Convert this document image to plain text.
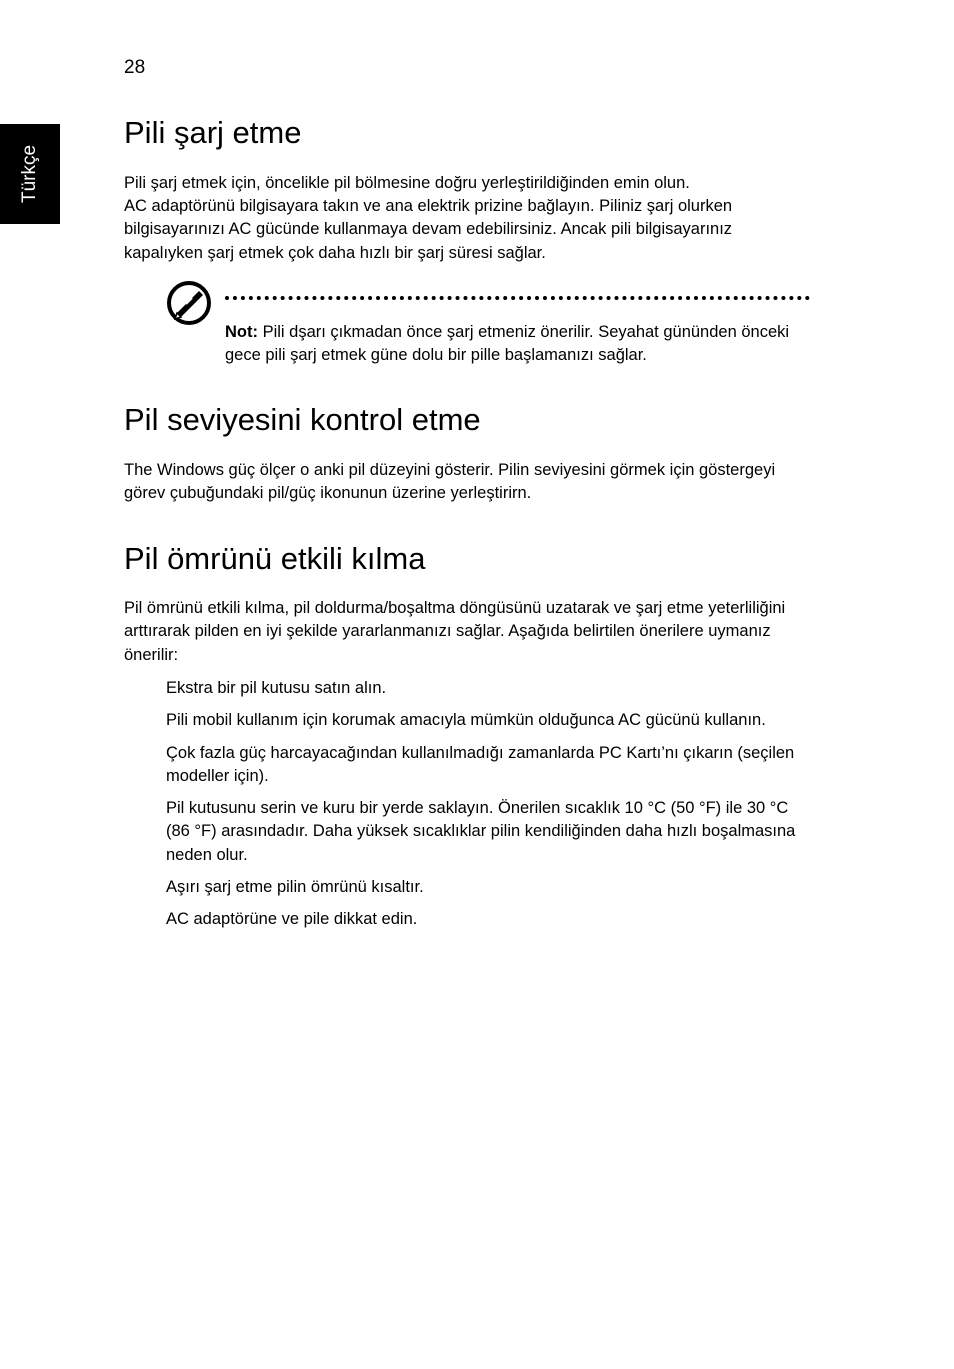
28
Türkçe
Pili şarj etme

Pili şarj etmek için, öncelikle pil bölmesine doğru yerleştirildiğinden emin olun.

AC adaptörünü bilgisayara takın ve ana elektrik prizine bağlayın. Piliniz şarj olurken bilgisayarınızı AC gücünde kullanmaya devam edebilirsiniz. Ancak pili bilgisayarınız kapalıyken şarj etmek çok daha hızlı bir şarj süresi sağlar.

Not: Pili dşarı çıkmadan önce şarj etmeniz önerilir. Seyahat gününden önceki gece pili şarj etmek güne dolu bir pille başlamanızı sağlar.

Pil seviyesini kontrol etme

The Windows güç ölçer o anki pil düzeyini gösterir. Pilin seviyesini görmek için göstergeyi görev çubuğundaki pil/güç ikonunun üzerine yerleştirirn.

Pil ömrünü etkili kılma

Pil ömrünü etkili kılma, pil doldurma/boşaltma döngüsünü uzatarak ve şarj etme yeterliliğini arttırarak pilden en iyi şekilde yararlanmanızı sağlar. Aşağıda belirtilen önerilere uymanız önerilir:

Ekstra bir pil kutusu satın alın.
Pili mobil kullanım için korumak amacıyla mümkün olduğunca AC gücünü kullanın.
Çok fazla güç harcayacağından kullanılmadığı zamanlarda PC Kartı’nı çıkarın (seçilen modeller için).
Pil kutusunu serin ve kuru bir yerde saklayın. Önerilen sıcaklık 10 °C (50 °F) ile 30 °C (86 °F) arasındadır. Daha yüksek sıcaklıklar pilin kendiliğinden daha hızlı boşalmasına neden olur.
Aşırı şarj etme pilin ömrünü kısaltır.
AC adaptörüne ve pile dikkat edin.
